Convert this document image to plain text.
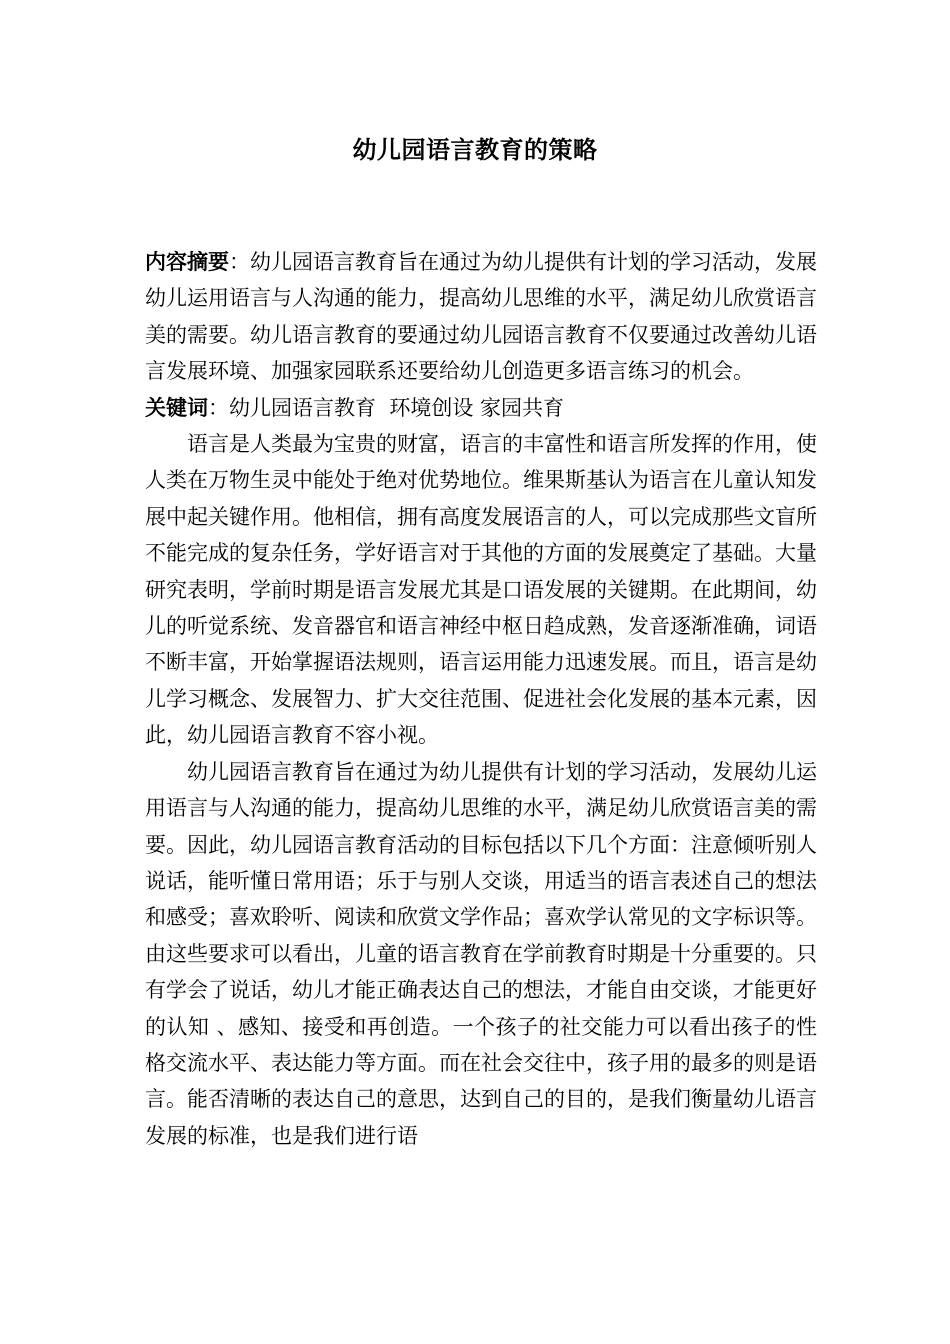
幼儿园语言教育的策略

内容摘要：幼儿园语言教育旨在通过为幼儿提供有计划的学习活动，发展幼儿运用语言与人沟通的能力，提高幼儿思维的水平，满足幼儿欣赏语言美的需要。幼儿语言教育的要通过幼儿园语言教育不仅要通过改善幼儿语言发展环境、加强家园联系还要给幼儿创造更多语言练习的机会。

关键词：幼儿园语言教育  环境创设 家园共育

语言是人类最为宝贵的财富，语言的丰富性和语言所发挥的作用，使人类在万物生灵中能处于绝对优势地位。维果斯基认为语言在儿童认知发展中起关键作用。他相信，拥有高度发展语言的人，可以完成那些文盲所不能完成的复杂任务，学好语言对于其他的方面的发展奠定了基础。大量研究表明，学前时期是语言发展尤其是口语发展的关键期。在此期间，幼儿的听觉系统、发音器官和语言神经中枢日趋成熟，发音逐渐准确，词语不断丰富，开始掌握语法规则，语言运用能力迅速发展。而且，语言是幼儿学习概念、发展智力、扩大交往范围、促进社会化发展的基本元素，因此，幼儿园语言教育不容小视。

幼儿园语言教育旨在通过为幼儿提供有计划的学习活动，发展幼儿运用语言与人沟通的能力，提高幼儿思维的水平，满足幼儿欣赏语言美的需要。因此，幼儿园语言教育活动的目标包括以下几个方面：注意倾听别人说话，能听懂日常用语；乐于与别人交谈，用适当的语言表述自己的想法和感受；喜欢聆听、阅读和欣赏文学作品；喜欢学认常见的文字标识等。由这些要求可以看出，儿童的语言教育在学前教育时期是十分重要的。只有学会了说话，幼儿才能正确表达自己的想法，才能自由交谈，才能更好的认知 、感知、接受和再创造。一个孩子的社交能力可以看出孩子的性格交流水平、表达能力等方面。而在社会交往中，孩子用的最多的则是语言。能否清晰的表达自己的意思，达到自己的目的，是我们衡量幼儿语言发展的标准，也是我们进行语
